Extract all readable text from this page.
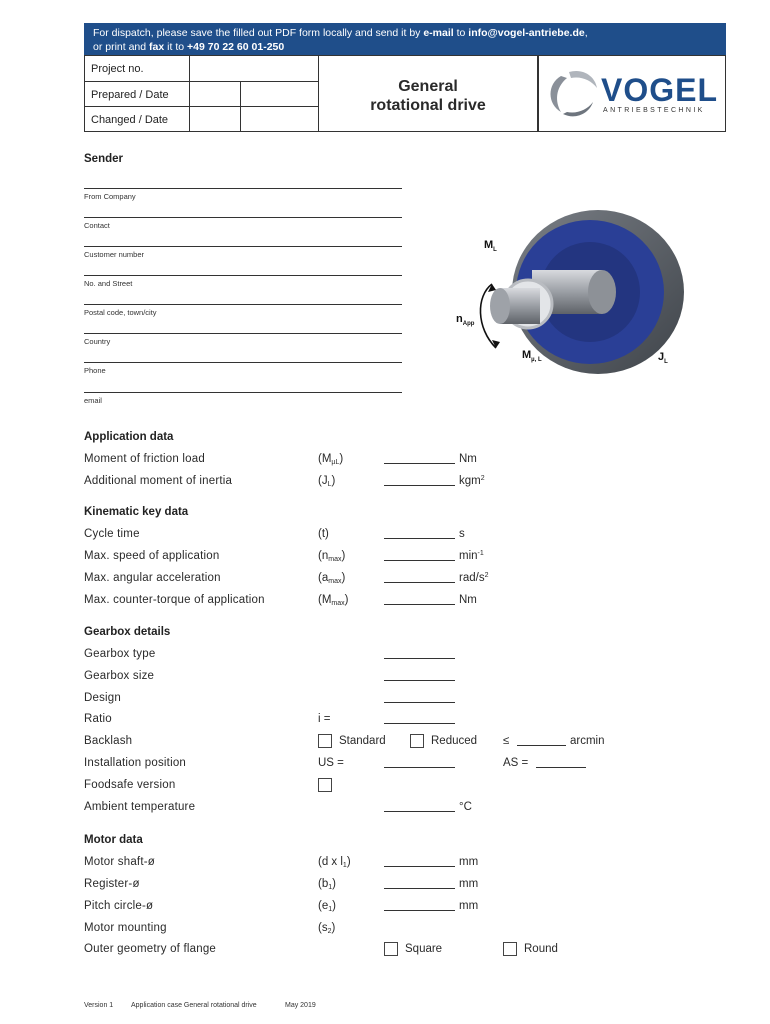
For dispatch, please save the filled out PDF form locally and send it by e-mail to info@vogel-antriebe.de,
or print and fax it to +49 70 22 60 01-250
Project no.
Prepared / Date
Changed / Date
General
rotational drive	VOGEL
ANTRIEBSTECHNIK
Sender
From Company
Contact
Customer number
No. and Street
Postal code, town/city
Country
Phone
email
$M_L$
$n_{App}$
$M_{\mu, L}$	$J_L$
Application data
Moment of friction load	$(M_{\mu L})$	Nm
Additional moment of inertia	$(J_L)$	kgm$^2$
Kinematic key data
Cycle time	(t)	s
Max. speed of application	$(n_{max})$	$\min^{-1}$
Max. angular acceleration	$(a_{max})$	rad/$s^2$
Max. counter-torque of application	$(M_{max})$	Nm
Gearbox details
Gearbox type
Gearbox size
Design
Ratio	i =
Backlash	Standard	Reduced ≤	arcmin
Installation position	US =	AS =
Foodsafe version
Ambient temperature	°C
Motor data
Motor shaft-ø	(d x $l_1$)	mm
Register-ø	$(b_1)$	mm
Pitch circle-ø	$(e_1)$	mm
Motor mounting	$(s_2)$
Outer geometry of flange	Square	Round
Version 1	Application case General rotational drive	May 2019
